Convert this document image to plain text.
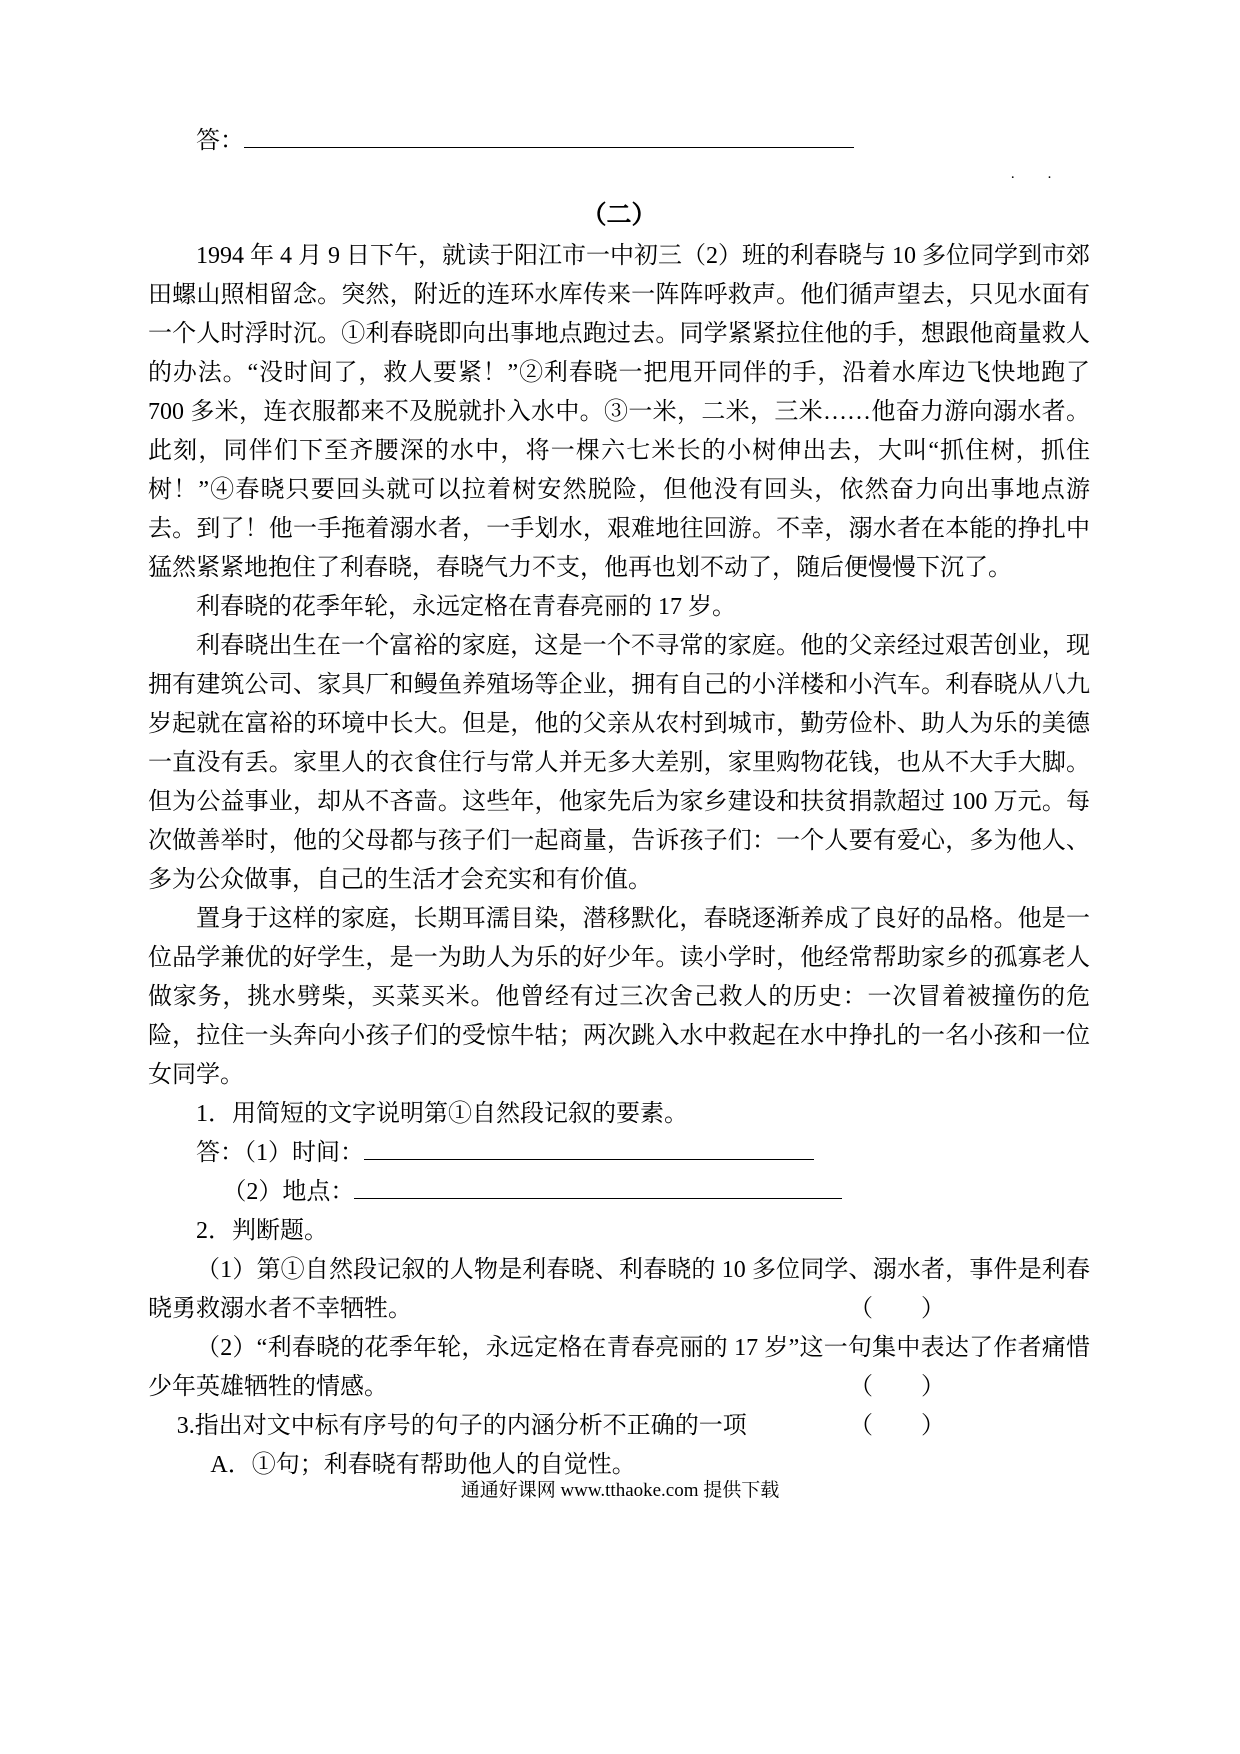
答：

· ·
（二）

1994 年 4 月 9 日下午，就读于阳江市一中初三（2）班的利春晓与 10 多位同学到市郊田螺山照相留念。突然，附近的连环水库传来一阵阵呼救声。他们循声望去，只见水面有一个人时浮时沉。①利春晓即向出事地点跑过去。同学紧紧拉住他的手，想跟他商量救人的办法。“没时间了，救人要紧！”②利春晓一把甩开同伴的手，沿着水库边飞快地跑了 700 多米，连衣服都来不及脱就扑入水中。③一米，二米，三米……他奋力游向溺水者。此刻，同伴们下至齐腰深的水中，将一棵六七米长的小树伸出去，大叫“抓住树，抓住树！”④春晓只要回头就可以拉着树安然脱险，但他没有回头，依然奋力向出事地点游去。到了！他一手拖着溺水者，一手划水，艰难地往回游。不幸，溺水者在本能的挣扎中猛然紧紧地抱住了利春晓，春晓气力不支，他再也划不动了，随后便慢慢下沉了。

利春晓的花季年轮，永远定格在青春亮丽的 17 岁。

利春晓出生在一个富裕的家庭，这是一个不寻常的家庭。他的父亲经过艰苦创业，现拥有建筑公司、家具厂和鳗鱼养殖场等企业，拥有自己的小洋楼和小汽车。利春晓从八九岁起就在富裕的环境中长大。但是，他的父亲从农村到城市，勤劳俭朴、助人为乐的美德一直没有丢。家里人的衣食住行与常人并无多大差别，家里购物花钱，也从不大手大脚。但为公益事业，却从不吝啬。这些年，他家先后为家乡建设和扶贫捐款超过 100 万元。每次做善举时，他的父母都与孩子们一起商量，告诉孩子们：一个人要有爱心，多为他人、多为公众做事，自己的生活才会充实和有价值。

置身于这样的家庭，长期耳濡目染，潜移默化，春晓逐渐养成了良好的品格。他是一位品学兼优的好学生，是一为助人为乐的好少年。读小学时，他经常帮助家乡的孤寡老人做家务，挑水劈柴，买菜买米。他曾经有过三次舍己救人的历史：一次冒着被撞伤的危险，拉住一头奔向小孩子们的受惊牛牯；两次跳入水中救起在水中挣扎的一名小孩和一位女同学。

1．用简短的文字说明第①自然段记叙的要素。

答：（1）时间：

（2）地点：

2．判断题。

（1）第①自然段记叙的人物是利春晓、利春晓的 10 多位同学、溺水者，事件是利春晓勇救溺水者不幸牺牲。	（　　）

（2）“利春晓的花季年轮，永远定格在青春亮丽的 17 岁”这一句集中表达了作者痛惜少年英雄牺牲的情感。	（　　）

3.指出对文中标有序号的句子的内涵分析不正确的一项	（　　）

A．①句；利春晓有帮助他人的自觉性。

通通好课网 www.tthaoke.com 提供下载
